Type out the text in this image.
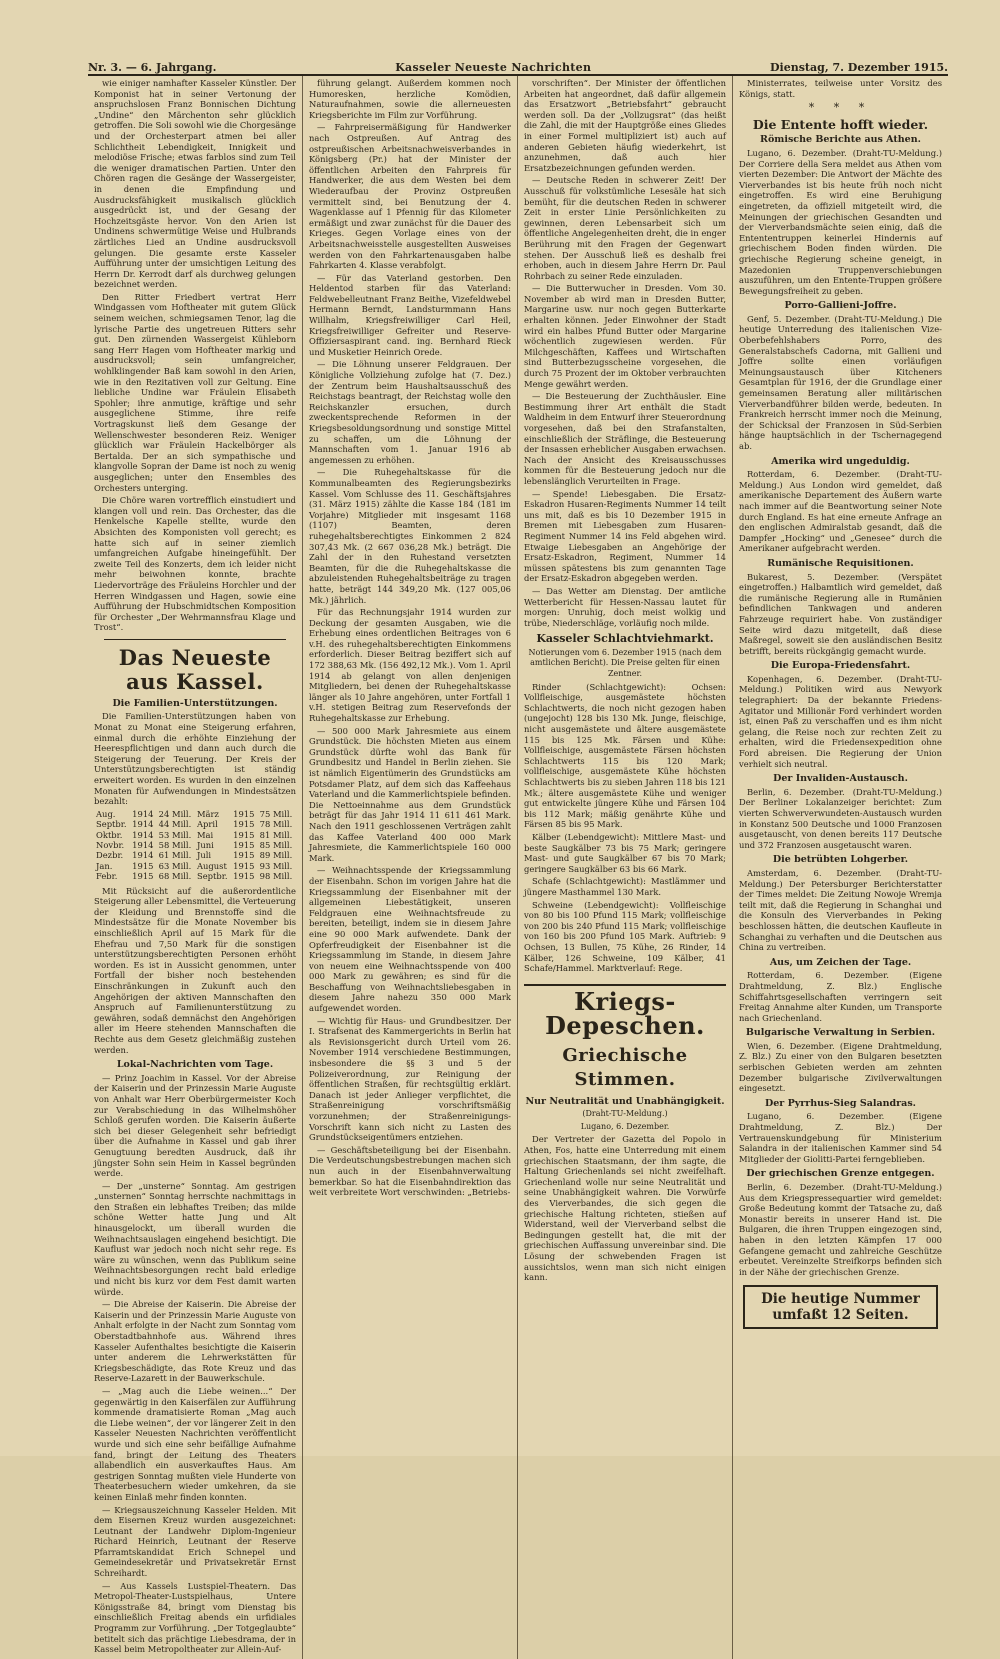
Nr. 3. — 6. Jahrgang.	Kasseler Neueste Nachrichten	Dienstag, 7. Dezember 1915.

wie einiger namhafter Kasseler Künstler. Der Komponist hat in seiner Vertonung der anspruchslosen Franz Bonnischen Dichtung „Undine“ den Märchenton sehr glücklich getroffen. Die Soli sowohl wie die Chorgesänge und der Orchesterpart atmen bei aller Schlichtheit Lebendigkeit, Innigkeit und melodiöse Frische; etwas farblos sind zum Teil die weniger dramatischen Partien. Unter den Chören ragen die Gesänge der Wassergeister, in denen die Empfindung und Ausdrucksfähigkeit musikalisch glücklich ausgedrückt ist, und der Gesang der Hochzeitsgäste hervor. Von den Arien ist Undinens schwermütige Weise und Hulbrands zärtliches Lied an Undine ausdrucksvoll gelungen. Die gesamte erste Kasseler Aufführung unter der umsichtigen Leitung des Herrn Dr. Kerrodt darf als durchweg gelungen bezeichnet werden.

Den Ritter Friedbert vertrat Herr Windgassen vom Hoftheater mit gutem Glück seinem weichen, schmiegsamen Tenor, lag die lyrische Partie des ungetreuen Ritters sehr gut. Den zürnenden Wassergeist Kühleborn sang Herr Hagen vom Hoftheater markig und ausdrucksvoll; sein umfangreicher, wohlklingender Baß kam sowohl in den Arien, wie in den Rezitativen voll zur Geltung. Eine liebliche Undine war Fräulein Elisabeth Spohler; ihre anmutige, kräftige und sehr ausgeglichene Stimme, ihre reife Vortragskunst ließ dem Gesange der Wellenschwester besonderen Reiz. Weniger glücklich war Fräulein Hackelbörger als Bertalda. Der an sich sympathische und klangvolle Sopran der Dame ist noch zu wenig ausgeglichen; unter den Ensembles des Orchesters unterging.

Die Chöre waren vortrefflich einstudiert und klangen voll und rein. Das Orchester, das die Henkelsche Kapelle stellte, wurde den Absichten des Komponisten voll gerecht; es hatte sich auf in seiner ziemlich umfangreichen Aufgabe hineingefühlt. Der zweite Teil des Konzerts, dem ich leider nicht mehr beiwohnen konnte, brachte Liedervorträge des Fräuleins Horchler und der Herren Windgassen und Hagen, sowie eine Aufführung der Hubschmidtschen Komposition für Orchester „Der Wehrmannsfrau Klage und Trost“.

Das Neueste aus Kassel.
Die Familien-Unterstützungen.

Die Familien-Unterstützungen haben von Monat zu Monat eine Steigerung erfahren, einmal durch die erhöhte Einziehung der Heerespflichtigen und dann auch durch die Steigerung der Teuerung. Der Kreis der Unterstützungsberechtigten ist ständig erweitert worden. Es wurden in den einzelnen Monaten für Aufwendungen in Mindestsätzen bezahlt:

Aug.	1914	24 Mill.	März	1915	75 Mill.
Septbr.	1914	44 Mill.	April	1915	78 Mill.
Oktbr.	1914	53 Mill.	Mai	1915	81 Mill.
Novbr.	1914	58 Mill.	Juni	1915	85 Mill.
Dezbr.	1914	61 Mill.	Juli	1915	89 Mill.
Jan.	1915	63 Mill.	August	1915	93 Mill.
Febr.	1915	68 Mill.	Septbr.	1915	98 Mill.

Mit Rücksicht auf die außerordentliche Steigerung aller Lebensmittel, die Verteuerung der Kleidung und Brennstoffe sind die Mindestsätze für die Monate November bis einschließlich April auf 15 Mark für die Ehefrau und 7,50 Mark für die sonstigen unterstützungsberechtigten Personen erhöht worden. Es ist in Aussicht genommen, unter Fortfall der bisher noch bestehenden Einschränkungen in Zukunft auch den Angehörigen der aktiven Mannschaften den Anspruch auf Familienunterstützung zu gewähren, sodaß demnächst den Angehörigen aller im Heere stehenden Mannschaften die Rechte aus dem Gesetz gleichmäßig zustehen werden.

Lokal-Nachrichten vom Tage.

— Prinz Joachim in Kassel. Vor der Abreise der Kaiserin und der Prinzessin Marie Auguste von Anhalt war Herr Oberbürgermeister Koch zur Verabschiedung in das Wilhelmshöher Schloß gerufen worden. Die Kaiserin äußerte sich bei dieser Gelegenheit sehr befriedigt über die Aufnahme in Kassel und gab ihrer Genugtuung beredten Ausdruck, daß ihr jüngster Sohn sein Heim in Kassel begründen werde.

— Der „unsterne“ Sonntag. Am gestrigen „unsternen“ Sonntag herrschte nachmittags in den Straßen ein lebhaftes Treiben; das milde schöne Wetter hatte Jung und Alt hinausgelockt, um überall wurden die Weihnachtsauslagen eingehend besichtigt. Die Kauflust war jedoch noch nicht sehr rege. Es wäre zu wünschen, wenn das Publikum seine Weihnachtsbesorgungen recht bald erledige und nicht bis kurz vor dem Fest damit warten würde.

— Die Abreise der Kaiserin. Die Abreise der Kaiserin und der Prinzessin Marie Auguste von Anhalt erfolgte in der Nacht zum Sonntag vom Oberstadtbahnhofe aus. Während ihres Kasseler Aufenthaltes besichtigte die Kaiserin unter anderem die Lehrwerkstätten für Kriegsbeschädigte, das Rote Kreuz und das Reserve-Lazarett in der Bauwerkschule.

— „Mag auch die Liebe weinen...“ Der gegenwärtig in den Kaiserfälen zur Aufführung kommende dramatisierte Roman „Mag auch die Liebe weinen“, der vor längerer Zeit in den Kasseler Neuesten Nachrichten veröffentlicht wurde und sich eine sehr beifällige Aufnahme fand, bringt der Leitung des Theaters allabendlich ein ausverkauftes Haus. Am gestrigen Sonntag mußten viele Hunderte von Theaterbesuchern wieder umkehren, da sie keinen Einlaß mehr finden konnten.

— Kriegsauszeichnung Kasseler Helden. Mit dem Eisernen Kreuz wurden ausgezeichnet: Leutnant der Landwehr Diplom-Ingenieur Richard Heinrich, Leutnant der Reserve Pfarramtskandidat Erich Schnepel und Gemeindesekretär und Privatsekretär Ernst Schreihardt.

— Aus Kassels Lustspiel-Theatern. Das Metropol-Theater-Lustspielhaus, Untere Königsstraße 84, bringt vom Dienstag bis einschließlich Freitag abends ein urfidiales Programm zur Vorführung. „Der Totgeglaubte“ betitelt sich das prächtige Liebesdrama, der in Kassel beim Metropoltheater zur Allein-Auf-

führung gelangt. Außerdem kommen noch Humoresken, herzliche Komödien, Naturaufnahmen, sowie die allerneuesten Kriegsberichte im Film zur Vorführung.

— Fahrpreisermäßigung für Handwerker nach Ostpreußen. Auf Antrag des ostpreußischen Arbeitsnachweisverbandes in Königsberg (Pr.) hat der Minister der öffentlichen Arbeiten den Fahrpreis für Handwerker, die aus dem Westen bei dem Wiederaufbau der Provinz Ostpreußen vermittelt sind, bei Benutzung der 4. Wagenklasse auf 1 Pfennig für das Kilometer ermäßigt und zwar zunächst für die Dauer des Krieges. Gegen Vorlage eines von der Arbeitsnachweisstelle ausgestellten Ausweises werden von den Fahrkartenausgaben halbe Fahrkarten 4. Klasse verabfolgt.

— Für das Vaterland gestorben. Den Heldentod starben für das Vaterland: Feldwebelleutnant Franz Beithe, Vizefeldwebel Hermann Berndt, Landsturmmann Hans Willhalm, Kriegsfreiwilliger Carl Heil, Kriegsfreiwilliger Gefreiter und Reserve-Offiziersaspirant cand. ing. Bernhard Rieck und Musketier Heinrich Orede.

— Die Löhnung unserer Feldgrauen. Der Königliche Vollziehung zufolge hat (7. Dez.) der Zentrum beim Haushaltsausschuß des Reichstags beantragt, der Reichstag wolle den Reichskanzler ersuchen, durch zweckentsprechende Reformen in der Kriegsbesoldungsordnung und sonstige Mittel zu schaffen, um die Löhnung der Mannschaften vom 1. Januar 1916 ab angemessen zu erhöhen.

— Die Ruhegehaltskasse für die Kommunalbeamten des Regierungsbezirks Kassel. Vom Schlusse des 11. Geschäftsjahres (31. März 1915) zählte die Kasse 184 (181 im Vorjahre) Mitglieder mit insgesamt 1168 (1107) Beamten, deren ruhegehaltsberechtigtes Einkommen 2 824 307,43 Mk. (2 667 036,28 Mk.) beträgt. Die Zahl der in den Ruhestand versetzten Beamten, für die die Ruhegehaltskasse die abzuleistenden Ruhegehaltsbeiträge zu tragen hatte, beträgt 144 349,20 Mk. (127 005,06 Mk.) jährlich.

Für das Rechnungsjahr 1914 wurden zur Deckung der gesamten Ausgaben, wie die Erhebung eines ordentlichen Beitrages von 6 v.H. des ruhegehaltsberechtigten Einkommens erforderlich. Dieser Beitrag beziffert sich auf 172 388,63 Mk. (156 492,12 Mk.). Vom 1. April 1914 ab gelangt von allen denjenigen Mitgliedern, bei denen der Ruhegehaltskasse länger als 10 Jahre angehören, unter Fortfall 1 v.H. stetigen Beitrag zum Reservefonds der Ruhegehaltskasse zur Erhebung.

— 500 000 Mark Jahresmiete aus einem Grundstück. Die höchsten Mieten aus einem Grundstück dürfte wohl das Bank für Grundbesitz und Handel in Berlin ziehen. Sie ist nämlich Eigentümerin des Grundstücks am Potsdamer Platz, auf dem sich das Kaffeehaus Vaterland und die Kammerlichtspiele befinden. Die Nettoeinnahme aus dem Grundstück beträgt für das Jahr 1914 11 611 461 Mark. Nach den 1911 geschlossenen Verträgen zahlt das Kaffee Vaterland 400 000 Mark Jahresmiete, die Kammerlichtspiele 160 000 Mark.

— Weihnachtsspende der Kriegssammlung der Eisenbahn. Schon im vorigen Jahre hat die Kriegssammlung der Eisenbahner mit der allgemeinen Liebestätigkeit, unseren Feldgrauen eine Weihnachtsfreude zu bereiten, beteiligt, indem sie in diesem Jahre eine 90 000 Mark aufwendete. Dank der Opferfreudigkeit der Eisenbahner ist die Kriegssammlung im Stande, in diesem Jahre von neuem eine Weihnachtsspende von 400 000 Mark zu gewähren; es sind für die Beschaffung von Weihnachtsliebesgaben in diesem Jahre nahezu 350 000 Mark aufgewendet worden.

— Wichtig für Haus- und Grundbesitzer. Der I. Strafsenat des Kammergerichts in Berlin hat als Revisionsgericht durch Urteil vom 26. November 1914 verschiedene Bestimmungen, insbesondere die §§ 3 und 5 der Polizeiverordnung, zur Reinigung der öffentlichen Straßen, für rechtsgültig erklärt. Danach ist jeder Anlieger verpflichtet, die Straßenreinigung vorschriftsmäßig vorzunehmen; der Straßenreinigungs-Vorschrift kann sich nicht zu Lasten des Grundstückseigentümers entziehen.

— Geschäftsbeteiligung bei der Eisenbahn. Die Verdeutschungsbestrebungen machen sich nun auch in der Eisenbahnverwaltung bemerkbar. So hat die Eisenbahndirektion das weit verbreitete Wort verschwinden: „Betriebs-

vorschriften“. Der Minister der öffentlichen Arbeiten hat angeordnet, daß dafür allgemein das Ersatzwort „Betriebsfahrt“ gebraucht werden soll. Da der „Vollzugsrat“ (das heißt die Zahl, die mit der Hauptgröße eines Gliedes in einer Formel multipliziert ist) auch auf anderen Gebieten häufig wiederkehrt, ist anzunehmen, daß auch hier Ersatzbezeichnungen gefunden werden.

— Deutsche Reden in schwerer Zeit! Der Ausschuß für volkstümliche Lesesäle hat sich bemüht, für die deutschen Reden in schwerer Zeit in erster Linie Persönlichkeiten zu gewinnen, deren Lebensarbeit sich um öffentliche Angelegenheiten dreht, die in enger Berührung mit den Fragen der Gegenwart stehen. Der Ausschuß ließ es deshalb frei erhoben, auch in diesem Jahre Herrn Dr. Paul Rohrbach zu seiner Rede einzuladen.

— Die Butterwucher in Dresden. Vom 30. November ab wird man in Dresden Butter, Margarine usw. nur noch gegen Butterkarte erhalten können. Jeder Einwohner der Stadt wird ein halbes Pfund Butter oder Margarine wöchentlich zugewiesen werden. Für Milchgeschäften, Kaffees und Wirtschaften sind Butterbezugsscheine vorgesehen, die durch 75 Prozent der im Oktober verbrauchten Menge gewährt werden.

— Die Besteuerung der Zuchthäusler. Eine Bestimmung ihrer Art enthält die Stadt Waldheim in dem Entwurf ihrer Steuerordnung vorgesehen, daß bei den Strafanstalten, einschließlich der Sträflinge, die Besteuerung der Insassen erheblicher Ausgaben erwachsen. Nach der Ansicht des Kreisausschusses kommen für die Besteuerung jedoch nur die lebenslänglich Verurteilten in Frage.

— Spende! Liebesgaben. Die Ersatz-Eskadron Husaren-Regiments Nummer 14 teilt uns mit, daß es bis 10 Dezember 1915 in Bremen mit Liebesgaben zum Husaren-Regiment Nummer 14 ins Feld abgehen wird. Etwaige Liebesgaben an Angehörige der Ersatz-Eskadron, Regiment, Nummer 14 müssen spätestens bis zum genannten Tage der Ersatz-Eskadron abgegeben werden.

— Das Wetter am Dienstag. Der amtliche Wetterbericht für Hessen-Nassau lautet für morgen: Unruhig, doch meist wolkig und trübe, Niederschläge, vorläufig noch milde.

Kasseler Schlachtviehmarkt.
Notierungen vom 6. Dezember 1915 (nach dem amtlichen Bericht). Die Preise gelten für einen Zentner.

Rinder (Schlachtgewicht): Ochsen: Vollfleischige, ausgemästete höchsten Schlachtwerts, die noch nicht gezogen haben (ungejocht) 128 bis 130 Mk. Junge, fleischige, nicht ausgemästete und ältere ausgemästete 115 bis 125 Mk. Färsen und Kühe: Vollfleischige, ausgemästete Färsen höchsten Schlachtwerts 115 bis 120 Mark; vollfleischige, ausgemästete Kühe höchsten Schlachtwerts bis zu sieben Jahren 118 bis 121 Mk.; ältere ausgemästete Kühe und weniger gut entwickelte jüngere Kühe und Färsen 104 bis 112 Mark; mäßig genährte Kühe und Färsen 85 bis 95 Mark.

Kälber (Lebendgewicht): Mittlere Mast- und beste Saugkälber 73 bis 75 Mark; geringere Mast- und gute Saugkälber 67 bis 70 Mark; geringere Saugkälber 63 bis 66 Mark.

Schafe (Schlachtgewicht): Mastlämmer und jüngere Masthammel 130 Mark.

Schweine (Lebendgewicht): Vollfleischige von 80 bis 100 Pfund 115 Mark; vollfleischige von 200 bis 240 Pfund 115 Mark; vollfleischige von 160 bis 200 Pfund 105 Mark. Auftrieb: 9 Ochsen, 13 Bullen, 75 Kühe, 26 Rinder, 14 Kälber, 126 Schweine, 109 Kälber, 41 Schafe/Hammel. Marktverlauf: Rege.

Kriegs-Depeschen.
Griechische Stimmen.
Nur Neutralität und Unabhängigkeit.
(Draht-TU-Meldung.)
Lugano, 6. Dezember.

Der Vertreter der Gazetta del Popolo in Athen, Fos, hatte eine Unterredung mit einem griechischen Staatsmann, der ihm sagte, die Haltung Griechenlands sei nicht zweifelhaft. Griechenland wolle nur seine Neutralität und seine Unabhängigkeit wahren. Die Vorwürfe des Vierverbandes, die sich gegen die griechische Haltung richteten, stießen auf Widerstand, weil der Vierverband selbst die Bedingungen gestellt hat, die mit der griechischen Auffassung unvereinbar sind. Die Lösung der schwebenden Fragen ist aussichtslos, wenn man sich nicht einigen kann.

Ministerrates, teilweise unter Vorsitz des Königs, statt.

* * *
Die Entente hofft wieder.
Römische Berichte aus Athen.

Lugano, 6. Dezember. (Draht-TU-Meldung.) Der Corriere della Sera meldet aus Athen vom vierten Dezember: Die Antwort der Mächte des Vierverbandes ist bis heute früh noch nicht eingetroffen. Es wird eine Beruhigung eingetreten, da offiziell mitgeteilt wird, die Meinungen der griechischen Gesandten und der Vierverbandsmächte seien einig, daß die Entententruppen keinerlei Hindernis auf griechischem Boden finden würden. Die griechische Regierung scheine geneigt, in Mazedonien Truppenverschiebungen auszuführen, um den Entente-Truppen größere Bewegungsfreiheit zu geben.

Porro-Gallieni-Joffre.

Genf, 5. Dezember. (Draht-TU-Meldung.) Die heutige Unterredung des italienischen Vize-Oberbefehlshabers Porro, des Generalstabschefs Cadorna, mit Gallieni und Joffre sollte einen vorläufigen Meinungsaustausch über Kitcheners Gesamtplan für 1916, der die Grundlage einer gemeinsamen Beratung aller militärischen Vierverbandführer bilden werde, bedeuten. In Frankreich herrscht immer noch die Meinung, der Schicksal der Franzosen in Süd-Serbien hänge hauptsächlich in der Tschernagegend ab.

Amerika wird ungeduldig.

Rotterdam, 6. Dezember. (Draht-TU-Meldung.) Aus London wird gemeldet, daß amerikanische Departement des Äußern warte nach immer auf die Beantwortung seiner Note durch England. Es hat eine erneute Anfrage an den englischen Admiralstab gesandt, daß die Dampfer „Hocking“ und „Genesee“ durch die Amerikaner aufgebracht werden.

Rumänische Requisitionen.

Bukarest, 5. Dezember. (Verspätet eingetroffen.) Halbamtlich wird gemeldet, daß die rumänische Regierung alle in Rumänien befindlichen Tankwagen und anderen Fahrzeuge requiriert habe. Von zuständiger Seite wird dazu mitgeteilt, daß diese Maßregel, soweit sie den ausländischen Besitz betrifft, bereits rückgängig gemacht wurde.

Die Europa-Friedensfahrt.

Kopenhagen, 6. Dezember. (Draht-TU-Meldung.) Politiken wird aus Newyork telegraphiert: Da der bekannte Friedens-Agitator und Millionär Ford verhindert worden ist, einen Paß zu verschaffen und es ihm nicht gelang, die Reise noch zur rechten Zeit zu erhalten, wird die Friedensexpedition ohne Ford abreisen. Die Regierung der Union verhielt sich neutral.

Der Invaliden-Austausch.

Berlin, 6. Dezember. (Draht-TU-Meldung.) Der Berliner Lokalanzeiger berichtet: Zum vierten Schwerverwundeten-Austausch wurden in Konstanz 500 Deutsche und 1000 Franzosen ausgetauscht, von denen bereits 117 Deutsche und 372 Franzosen ausgetauscht waren.

Die betrübten Lohgerber.

Amsterdam, 6. Dezember. (Draht-TU-Meldung.) Der Petersburger Berichterstatter der Times meldet: Die Zeitung Nowoje Wremja teilt mit, daß die Regierung in Schanghai und die Konsuln des Vierverbandes in Peking beschlossen hätten, die deutschen Kaufleute in Schanghai zu verhaften und die Deutschen aus China zu vertreiben.

Aus, um Zeichen der Tage.

Rotterdam, 6. Dezember. (Eigene Drahtmeldung, Z. Blz.) Englische Schiffahrtsgesellschaften verringern seit Freitag Annahme alter Kunden, um Transporte nach Griechenland.

Bulgarische Verwaltung in Serbien.

Wien, 6. Dezember. (Eigene Drahtmeldung, Z. Blz.) Zu einer von den Bulgaren besetzten serbischen Gebieten werden am zehnten Dezember bulgarische Zivilverwaltungen eingesetzt.

Der Pyrrhus-Sieg Salandras.

Lugano, 6. Dezember. (Eigene Drahtmeldung, Z. Blz.) Der Vertrauenskundgebung für Ministerium Salandra in der italienischen Kammer sind 54 Mitglieder der Giolitti-Partei ferngeblieben.

Der griechischen Grenze entgegen.

Berlin, 6. Dezember. (Draht-TU-Meldung.) Aus dem Kriegspressequartier wird gemeldet: Große Bedeutung kommt der Tatsache zu, daß Monastir bereits in unserer Hand ist. Die Bulgaren, die ihren Truppen eingezogen sind, haben in den letzten Kämpfen 17 000 Gefangene gemacht und zahlreiche Geschütze erbeutet. Vereinzelte Streifkorps befinden sich in der Nähe der griechischen Grenze.

Die heutige Nummer umfaßt 12 Seiten.
